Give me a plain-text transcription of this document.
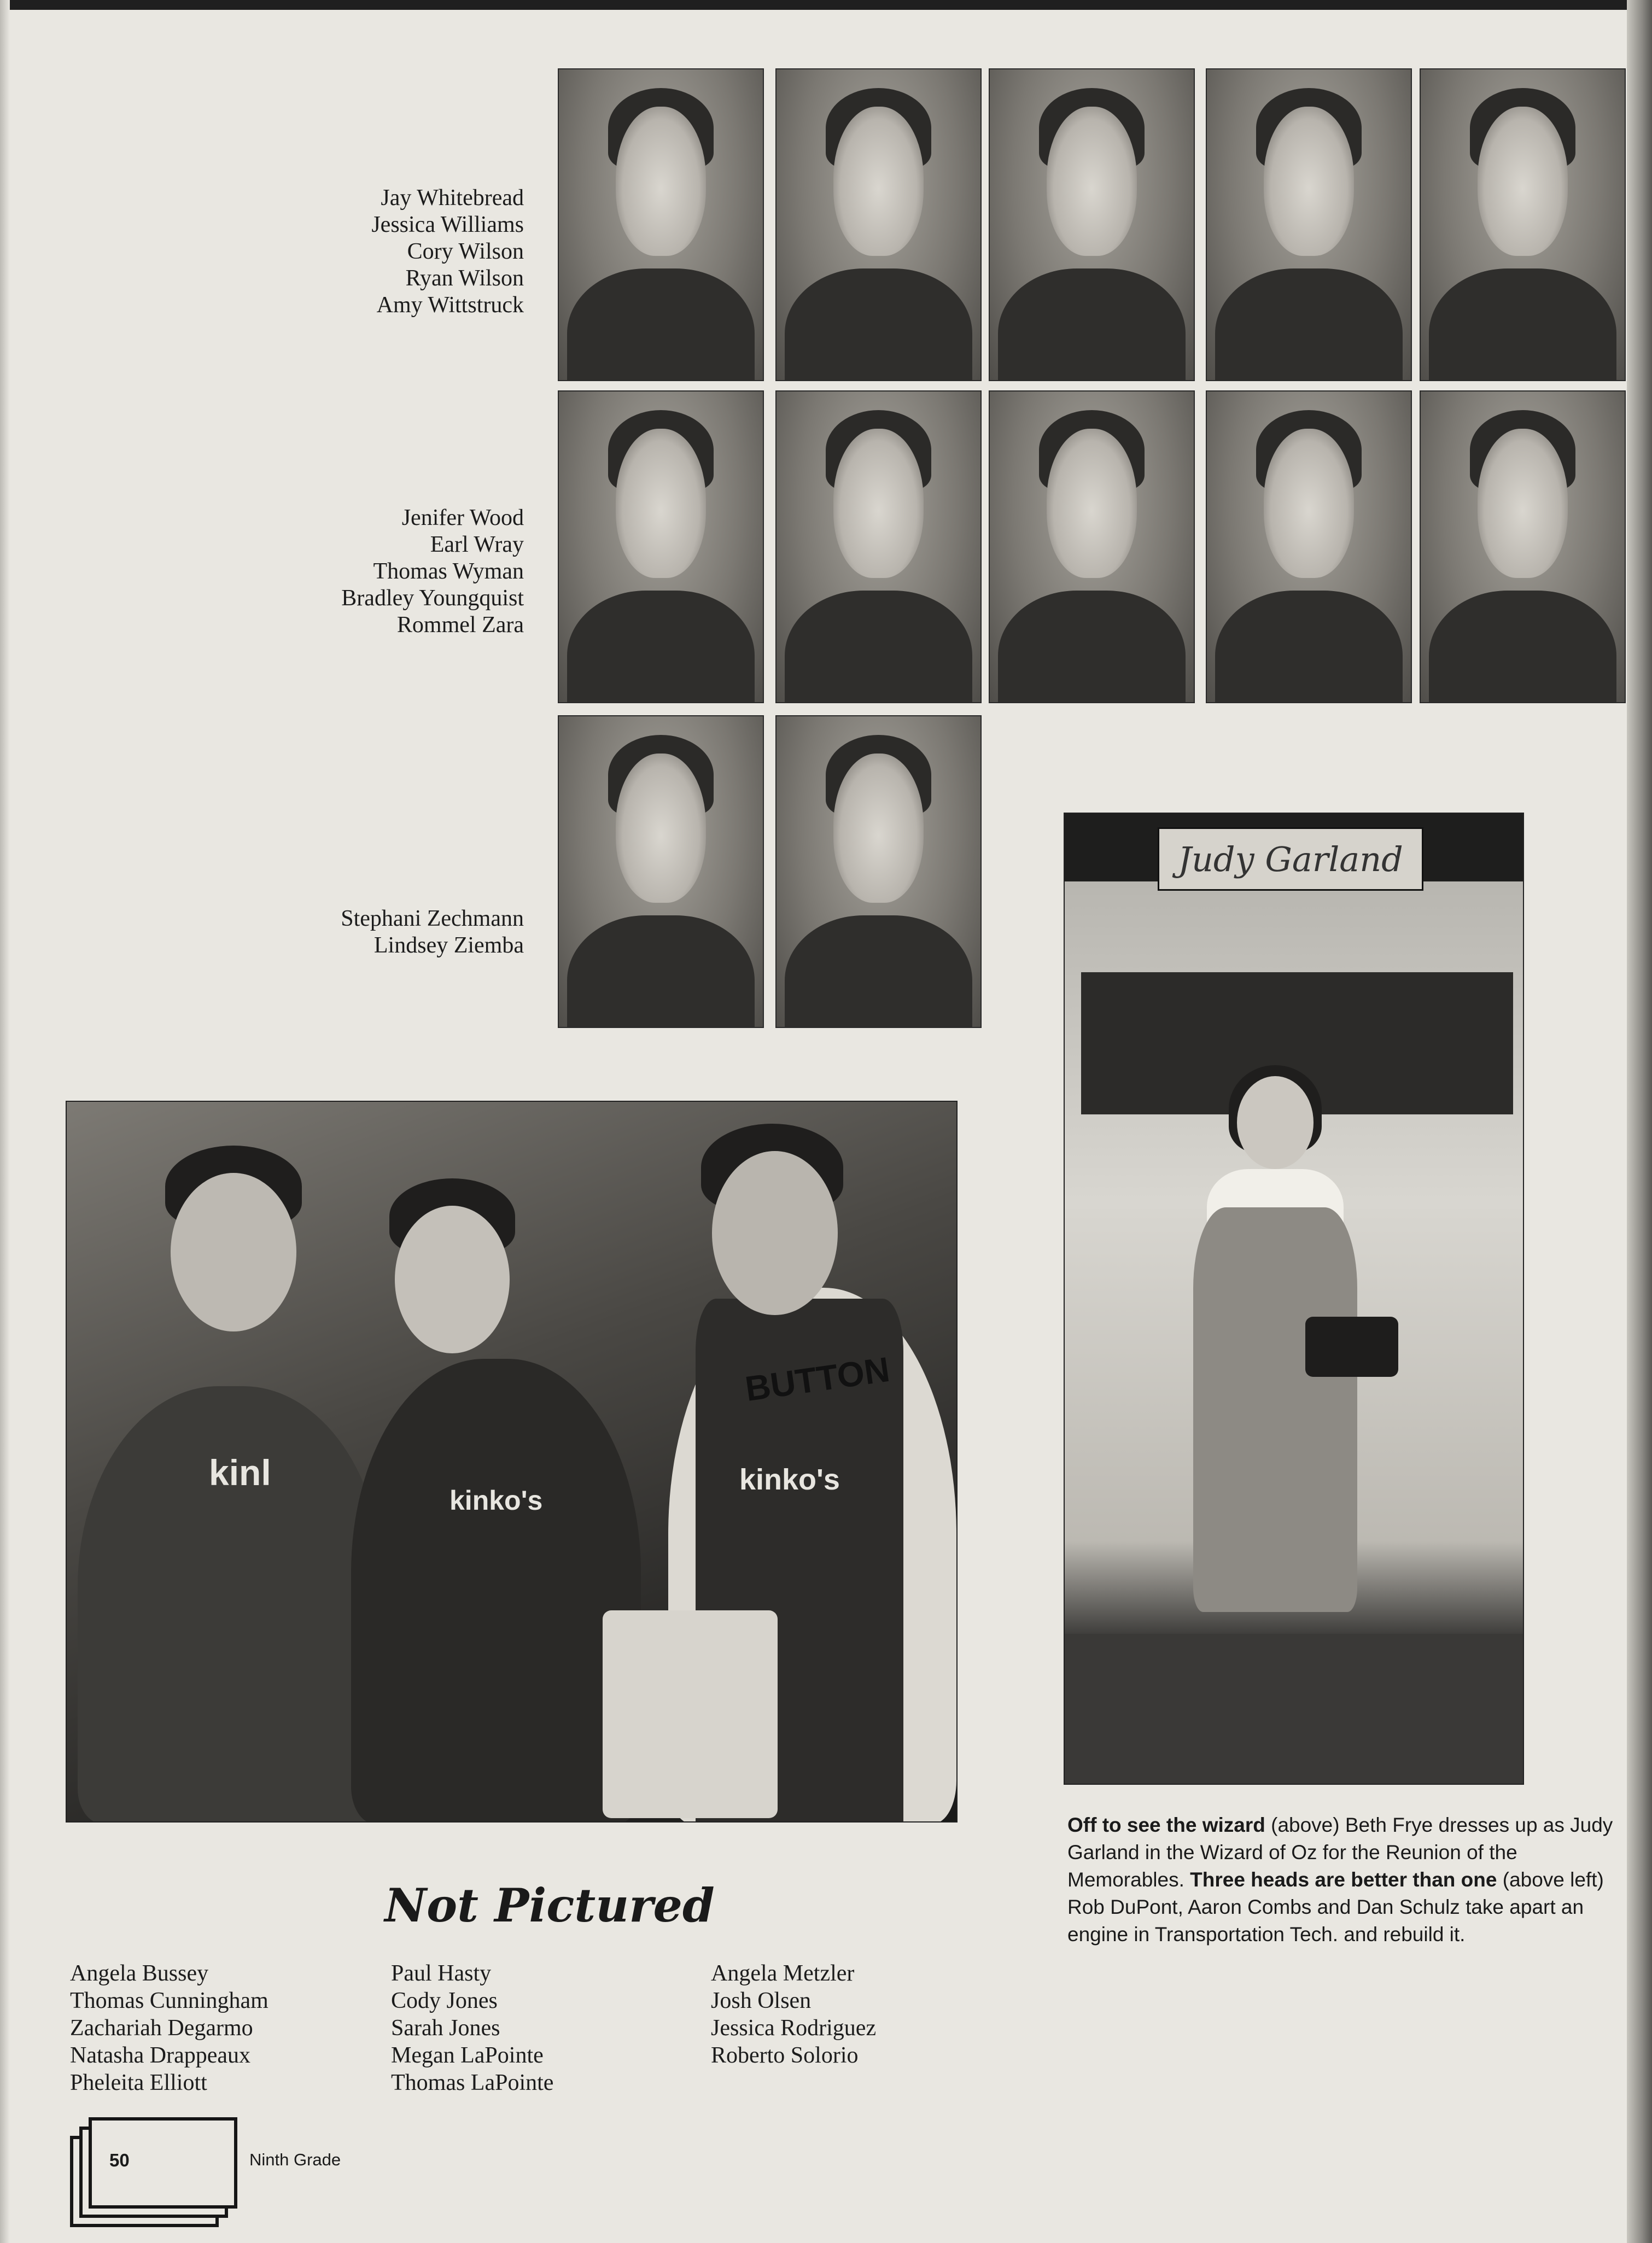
Jay Whitebread
Jessica Williams
Cory Wilson
Ryan Wilson
Amy Wittstruck
Jenifer Wood
Earl Wray
Thomas Wyman
Bradley Youngquist
Rommel Zara
Stephani Zechmann
Lindsey Ziemba
kinl
kinko's
kinko's
BUTTON
Judy Garland
Off to see the wizard (above) Beth Frye dresses up as Judy Garland in the Wizard of Oz for the Reunion of the Memorables. Three heads are better than one (above left) Rob DuPont, Aaron Combs and Dan Schulz take apart an engine in Transportation Tech. and rebuild it.
Not Pictured
Angela Bussey
Thomas Cunningham
Zachariah Degarmo
Natasha Drappeaux
Pheleita Elliott
Paul Hasty
Cody Jones
Sarah Jones
Megan LaPointe
Thomas LaPointe
Angela Metzler
Josh Olsen
Jessica Rodriguez
Roberto Solorio
50	Ninth Grade
